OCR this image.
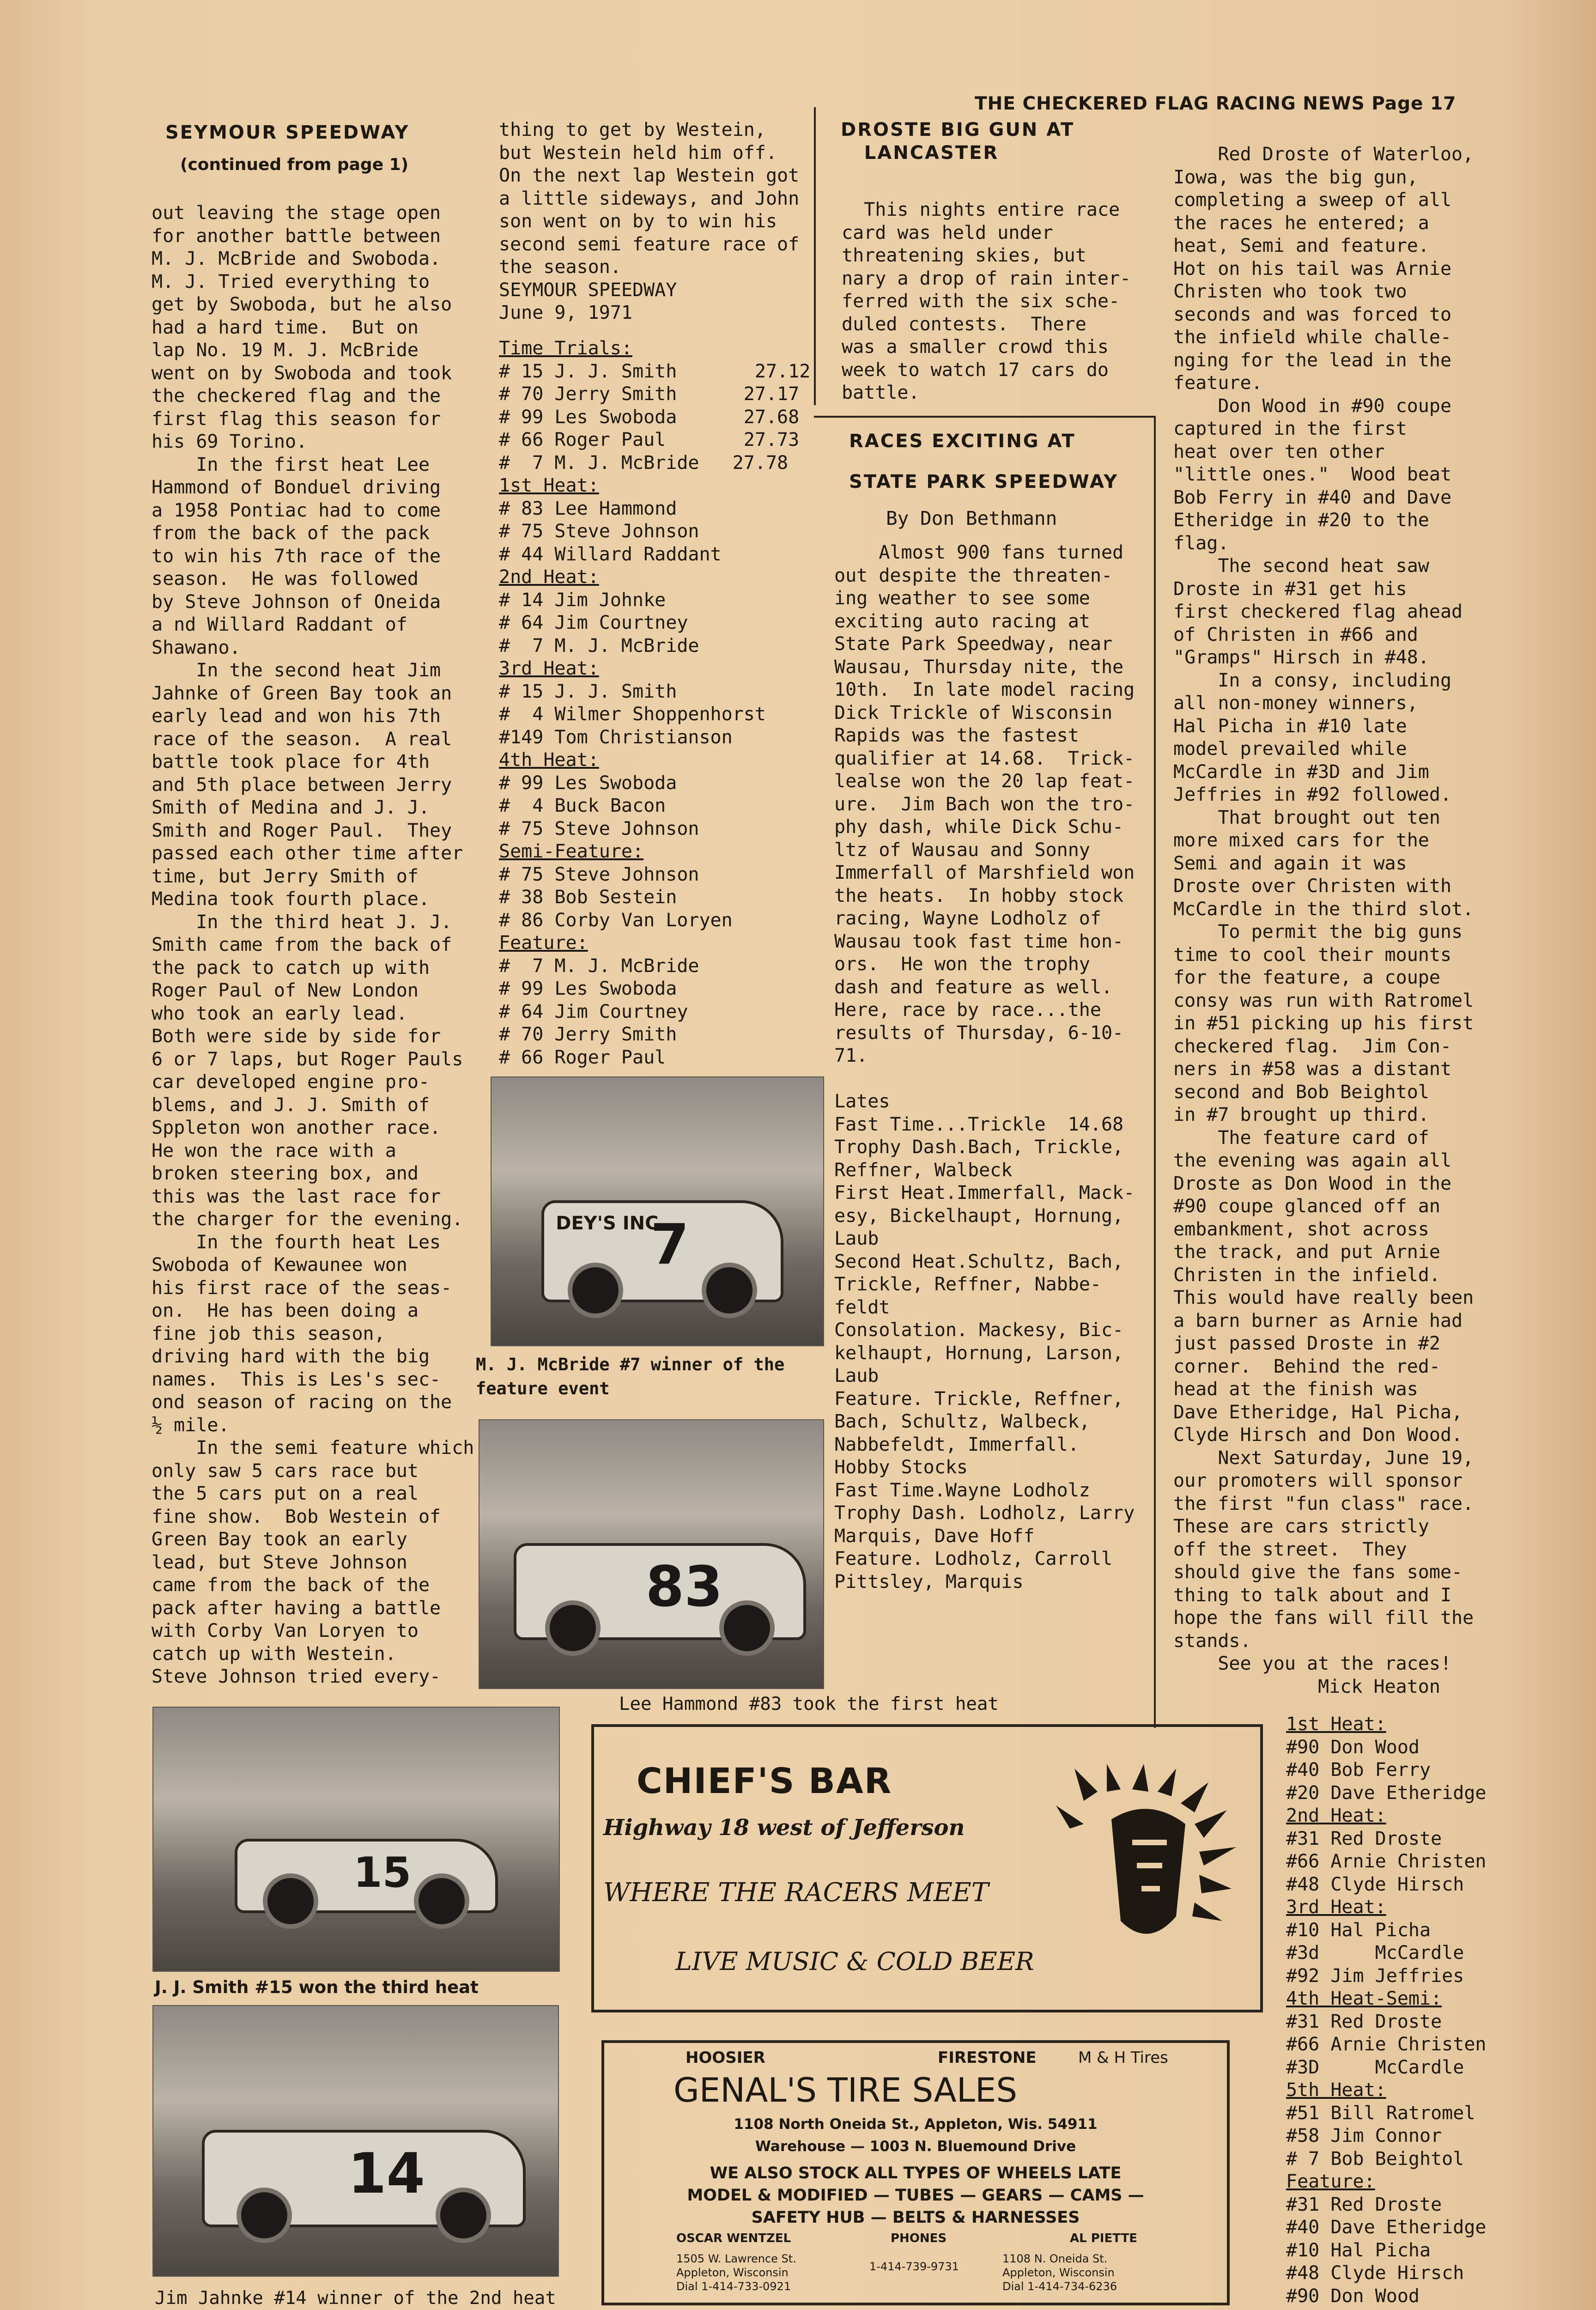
THE CHECKERED FLAG RACING NEWS Page 17
SEYMOUR SPEEDWAY
(continued from page 1)
out leaving the stage open
for another battle between
M. J. McBride and Swoboda.
M. J. Tried everything to
get by Swoboda, but he also
had a hard time.  But on
lap No. 19 M. J. McBride
went on by Swoboda and took
the checkered flag and the
first flag this season for
his 69 Torino.
In the first heat Lee
Hammond of Bonduel driving
a 1958 Pontiac had to come
from the back of the pack
to win his 7th race of the
season.  He was followed
by Steve Johnson of Oneida
a nd Willard Raddant of
Shawano.
In the second heat Jim
Jahnke of Green Bay took an
early lead and won his 7th
race of the season.  A real
battle took place for 4th
and 5th place between Jerry
Smith of Medina and J. J.
Smith and Roger Paul.  They
passed each other time after
time, but Jerry Smith of
Medina took fourth place.
In the third heat J. J.
Smith came from the back of
the pack to catch up with
Roger Paul of New London
who took an early lead.
Both were side by side for
6 or 7 laps, but Roger Pauls
car developed engine pro-
blems, and J. J. Smith of
Sppleton won another race.
He won the race with a
broken steering box, and
this was the last race for
the charger for the evening.
In the fourth heat Les
Swoboda of Kewaunee won
his first race of the seas-
on.  He has been doing a
fine job this season,
driving hard with the big
names.  This is Les's sec-
ond season of racing on the
½ mile.
In the semi feature which
only saw 5 cars race but
the 5 cars put on a real
fine show.  Bob Westein of
Green Bay took an early
lead, but Steve Johnson
came from the back of the
pack after having a battle
with Corby Van Loryen to
catch up with Westein.
Steve Johnson tried every-
thing to get by Westein,
but Westein held him off.
On the next lap Westein got
a little sideways, and John
son went on by to win his
second semi feature race of
the season.
SEYMOUR SPEEDWAY
June 9, 1971
Time Trials:
# 15 J. J. Smith       27.12
# 70 Jerry Smith      27.17
# 99 Les Swoboda      27.68
# 66 Roger Paul       27.73
#  7 M. J. McBride   27.78
1st Heat:
# 83 Lee Hammond
# 75 Steve Johnson
# 44 Willard Raddant
2nd Heat:
# 14 Jim Johnke
# 64 Jim Courtney
#  7 M. J. McBride
3rd Heat:
# 15 J. J. Smith
#  4 Wilmer Shoppenhorst
#149 Tom Christianson
4th Heat:
# 99 Les Swoboda
#  4 Buck Bacon
# 75 Steve Johnson
Semi-Feature:
# 75 Steve Johnson
# 38 Bob Sestein
# 86 Corby Van Loryen
Feature:
#  7 M. J. McBride
# 99 Les Swoboda
# 64 Jim Courtney
# 70 Jerry Smith
# 66 Roger Paul
DEY'S INC
7
M. J. McBride #7 winner of the
feature event
83
Lee Hammond #83 took the first heat
15
J. J. Smith #15 won the third heat
14
Jim Jahnke #14 winner of the 2nd heat
DROSTE BIG GUN AT
LANCASTER
This nights entire race
card was held under
threatening skies, but
nary a drop of rain inter-
ferred with the six sche-
duled contests.  There
was a smaller crowd this
week to watch 17 cars do
battle.
RACES EXCITING AT
STATE PARK SPEEDWAY
By Don Bethmann
Almost 900 fans turned
out despite the threaten-
ing weather to see some
exciting auto racing at
State Park Speedway, near
Wausau, Thursday nite, the
10th.  In late model racing
Dick Trickle of Wisconsin
Rapids was the fastest
qualifier at 14.68.  Trick-
lealse won the 20 lap feat-
ure.  Jim Bach won the tro-
phy dash, while Dick Schu-
ltz of Wausau and Sonny
Immerfall of Marshfield won
the heats.  In hobby stock
racing, Wayne Lodholz of
Wausau took fast time hon-
ors.  He won the trophy
dash and feature as well.
Here, race by race...the
results of Thursday, 6-10-
71.

Lates
Fast Time...Trickle  14.68
Trophy Dash.Bach, Trickle,
Reffner, Walbeck
First Heat.Immerfall, Mack-
esy, Bickelhaupt, Hornung,
Laub
Second Heat.Schultz, Bach,
Trickle, Reffner, Nabbe-
feldt
Consolation. Mackesy, Bic-
kelhaupt, Hornung, Larson,
Laub
Feature. Trickle, Reffner,
Bach, Schultz, Walbeck,
Nabbefeldt, Immerfall.
Hobby Stocks
Fast Time.Wayne Lodholz
Trophy Dash. Lodholz, Larry
Marquis, Dave Hoff
Feature. Lodholz, Carroll
Pittsley, Marquis
Red Droste of Waterloo,
Iowa, was the big gun,
completing a sweep of all
the races he entered; a
heat, Semi and feature.
Hot on his tail was Arnie
Christen who took two
seconds and was forced to
the infield while challe-
nging for the lead in the
feature.
Don Wood in #90 coupe
captured in the first
heat over ten other
"little ones."  Wood beat
Bob Ferry in #40 and Dave
Etheridge in #20 to the
flag.
The second heat saw
Droste in #31 get his
first checkered flag ahead
of Christen in #66 and
"Gramps" Hirsch in #48.
In a consy, including
all non-money winners,
Hal Picha in #10 late
model prevailed while
McCardle in #3D and Jim
Jeffries in #92 followed.
That brought out ten
more mixed cars for the
Semi and again it was
Droste over Christen with
McCardle in the third slot.
To permit the big guns
time to cool their mounts
for the feature, a coupe
consy was run with Ratromel
in #51 picking up his first
checkered flag.  Jim Con-
ners in #58 was a distant
second and Bob Beightol
in #7 brought up third.
The feature card of
the evening was again all
Droste as Don Wood in the
#90 coupe glanced off an
embankment, shot across
the track, and put Arnie
Christen in the infield.
This would have really been
a barn burner as Arnie had
just passed Droste in #2
corner.  Behind the red-
head at the finish was
Dave Etheridge, Hal Picha,
Clyde Hirsch and Don Wood.
Next Saturday, June 19,
our promoters will sponsor
the first "fun class" race.
These are cars strictly
off the street.  They
should give the fans some-
thing to talk about and I
hope the fans will fill the
stands.
See you at the races!
Mick Heaton
1st Heat:
#90 Don Wood
#40 Bob Ferry
#20 Dave Etheridge
2nd Heat:
#31 Red Droste
#66 Arnie Christen
#48 Clyde Hirsch
3rd Heat:
#10 Hal Picha
#3d     McCardle
#92 Jim Jeffries
4th Heat-Semi:
#31 Red Droste
#66 Arnie Christen
#3D     McCardle
5th Heat:
#51 Bill Ratromel
#58 Jim Connor
# 7 Bob Beightol
Feature:
#31 Red Droste
#40 Dave Etheridge
#10 Hal Picha
#48 Clyde Hirsch
#90 Don Wood
CHIEF'S BAR
Highway 18 west of Jefferson
WHERE THE RACERS MEET
LIVE MUSIC & COLD BEER
HOOSIER	FIRESTONE	M & H Tires
GENAL'S TIRE SALES
1108 North Oneida St., Appleton, Wis. 54911
Warehouse — 1003 N. Bluemound Drive
WE ALSO STOCK ALL TYPES OF WHEELS LATE
MODEL & MODIFIED — TUBES — GEARS — CAMS —
SAFETY HUB — BELTS & HARNESSES
OSCAR WENTZEL
1505 W. Lawrence St.
Appleton, Wisconsin
Dial 1-414-733-0921
PHONES
1-414-739-9731
AL PIETTE
1108 N. Oneida St.
Appleton, Wisconsin
Dial 1-414-734-6236
